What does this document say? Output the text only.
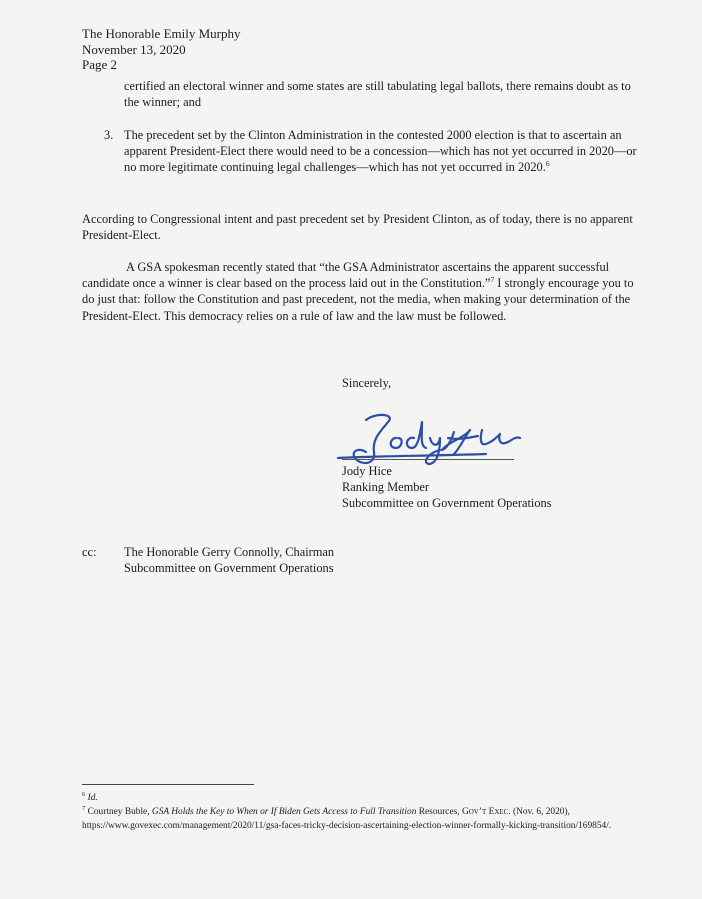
The Honorable Emily Murphy
November 13, 2020
Page 2
certified an electoral winner and some states are still tabulating legal ballots, there remains doubt as to the winner; and
3. The precedent set by the Clinton Administration in the contested 2000 election is that to ascertain an apparent President-Elect there would need to be a concession—which has not yet occurred in 2020—or no more legitimate continuing legal challenges—which has not yet occurred in 2020.$^6$
According to Congressional intent and past precedent set by President Clinton, as of today, there is no apparent President-Elect.
A GSA spokesman recently stated that “the GSA Administrator ascertains the apparent successful candidate once a winner is clear based on the process laid out in the Constitution.”$^7$ I strongly encourage you to do just that: follow the Constitution and past precedent, not the media, when making your determination of the President-Elect. This democracy relies on a rule of law and the law must be followed.
Sincerely,
Jody Hice
Jody Hice
Ranking Member
Subcommittee on Government Operations
cc: The Honorable Gerry Connolly, Chairman
Subcommittee on Government Operations
$^6$ Id.
$^7$ Courtney Buble, GSA Holds the Key to When or If Biden Gets Access to Full Transition Resources, Gov’t Exec. (Nov. 6, 2020), https://www.govexec.com/management/2020/11/gsa-faces-tricky-decision-ascertaining-election-winner-formally-kicking-transition/169854/.
